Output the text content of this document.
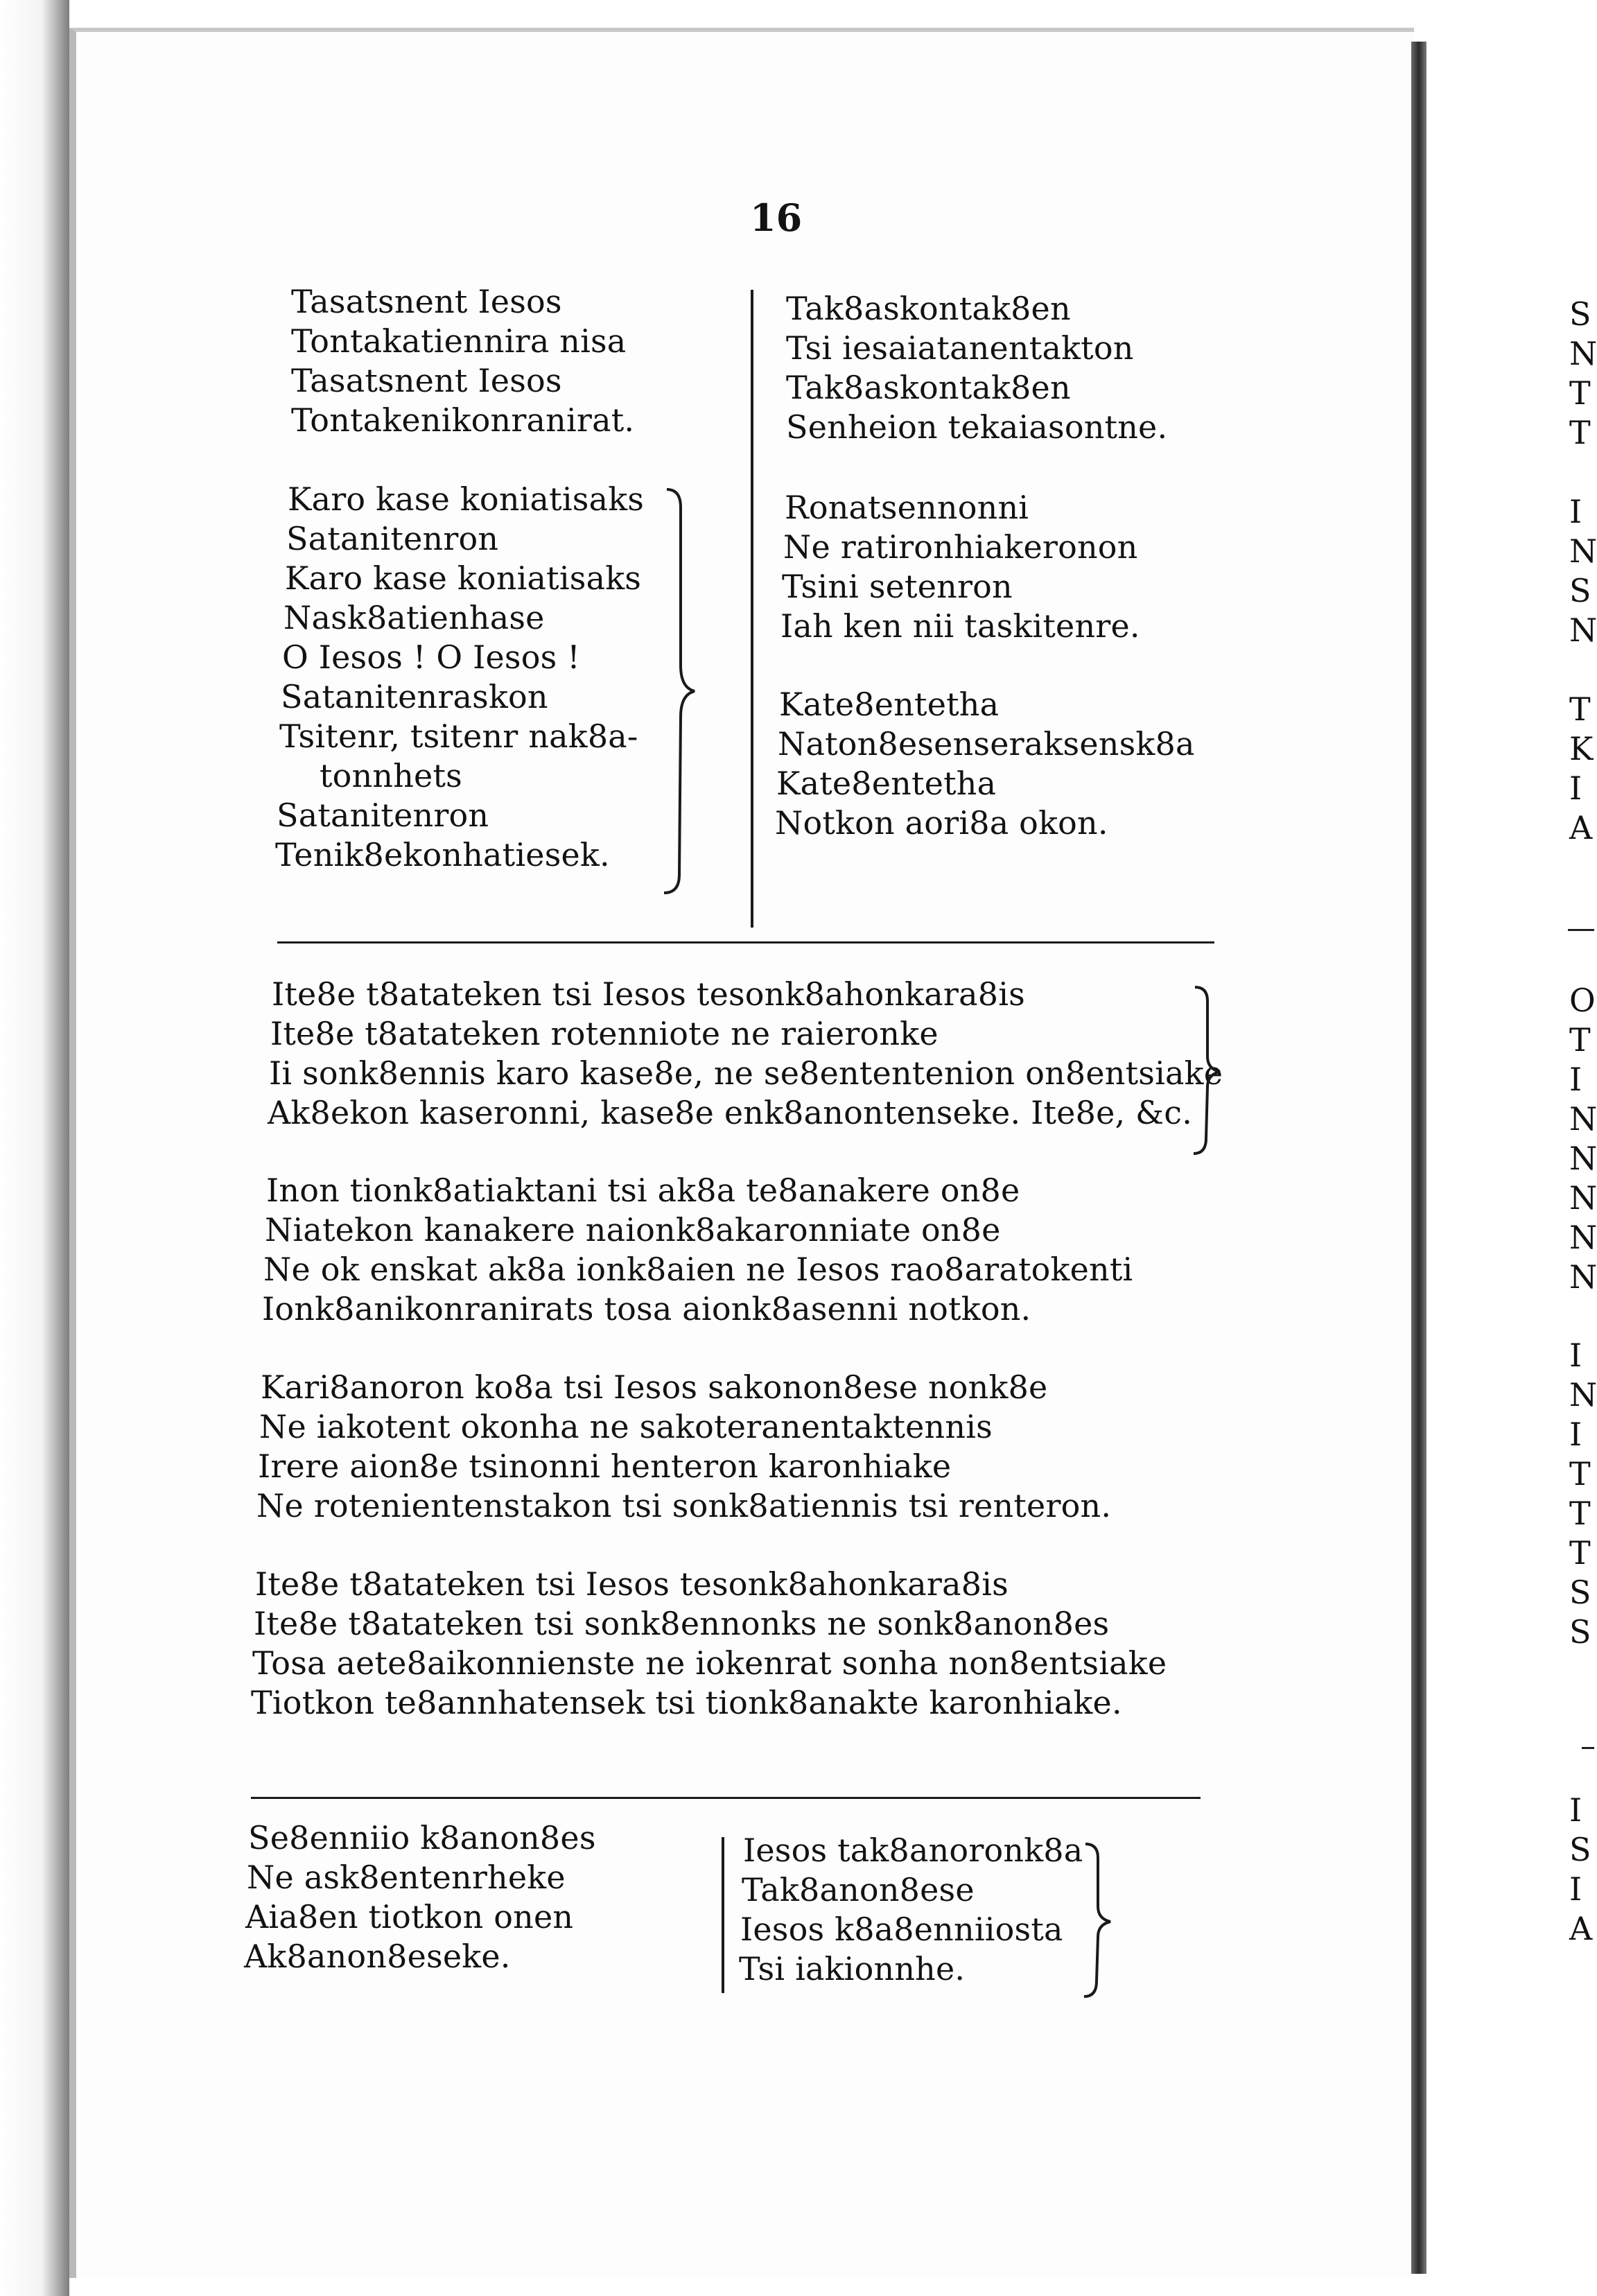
16
Tasatsnent Iesos
Tontakatiennira nisa
Tasatsnent Iesos
Tontakenikonranirat.
Tak8askontak8en
Tsi iesaiatanentakton
Tak8askontak8en
Senheion tekaiasontne.
Karo kase koniatisaks
Satanitenron
Karo kase koniatisaks
Nask8atienhase
O Iesos ! O Iesos !
Satanitenraskon
Tsitenr, tsitenr nak8a-
tonnhets
Satanitenron
Tenik8ekonhatiesek.
Ronatsennonni
Ne ratironhiakeronon
Tsini setenron
Iah ken nii taskitenre.
Kate8entetha
Naton8esenseraksensk8a
Kate8entetha
Notkon aori8a okon.
Ite8e t8atateken tsi Iesos tesonk8ahonkara8is
Ite8e t8atateken rotenniote ne raieronke
Ii sonk8ennis karo kase8e, ne se8ententenion on8entsiake
Ak8ekon kaseronni, kase8e enk8anontenseke. Ite8e, &c.
Inon tionk8atiaktani tsi ak8a te8anakere on8e
Niatekon kanakere naionk8akaronniate on8e
Ne ok enskat ak8a ionk8aien ne Iesos rao8aratokenti
Ionk8anikonranirats tosa aionk8asenni notkon.
Kari8anoron ko8a tsi Iesos sakonon8ese nonk8e
Ne iakotent okonha ne sakoteranentaktennis
Irere aion8e tsinonni henteron karonhiake
Ne rotenientenstakon tsi sonk8atiennis tsi renteron.
Ite8e t8atateken tsi Iesos tesonk8ahonkara8is
Ite8e t8atateken tsi sonk8ennonks ne sonk8anon8es
Tosa aete8aikonnienste ne iokenrat sonha non8entsiake
Tiotkon te8annhatensek tsi tionk8anakte karonhiake.
Se8enniio k8anon8es
Ne ask8entenrheke
Aia8en tiotkon onen
Ak8anon8eseke.
Iesos tak8anoronk8a
Tak8anon8ese
Iesos k8a8enniiosta
Tsi iakionnhe.
S
N
T
T
I
N
S
N
T
K
I
A
O
T
I
N
N
N
N
N
I
N
I
T
T
T
S
S
I
S
I
A
